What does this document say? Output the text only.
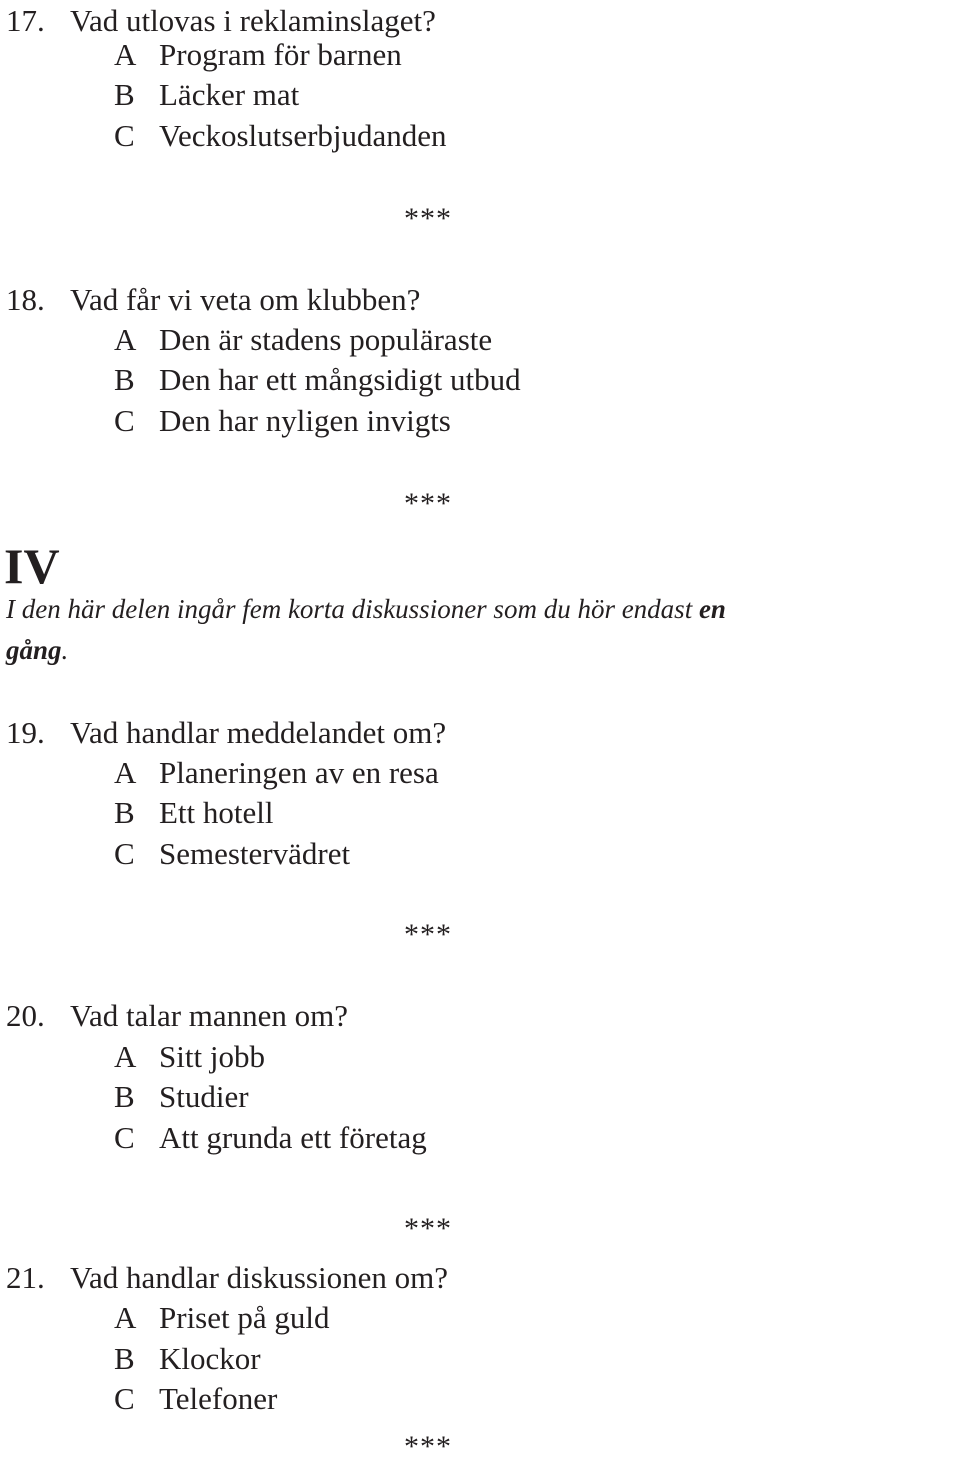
17. Vad utlovas i reklaminslaget?
A Program för barnen
B Läcker mat
C Veckoslutserbjudanden
***
18. Vad får vi veta om klubben?
A Den är stadens populäraste
B Den har ett mångsidigt utbud
C Den har nyligen invigts
***
IV
I den här delen ingår fem korta diskussioner som du hör endast en
gång.
19. Vad handlar meddelandet om?
A Planeringen av en resa
B Ett hotell
C Semestervädret
***
20. Vad talar mannen om?
A Sitt jobb
B Studier
C Att grunda ett företag
***
21. Vad handlar diskussionen om?
A Priset på guld
B Klockor
C Telefoner
***
